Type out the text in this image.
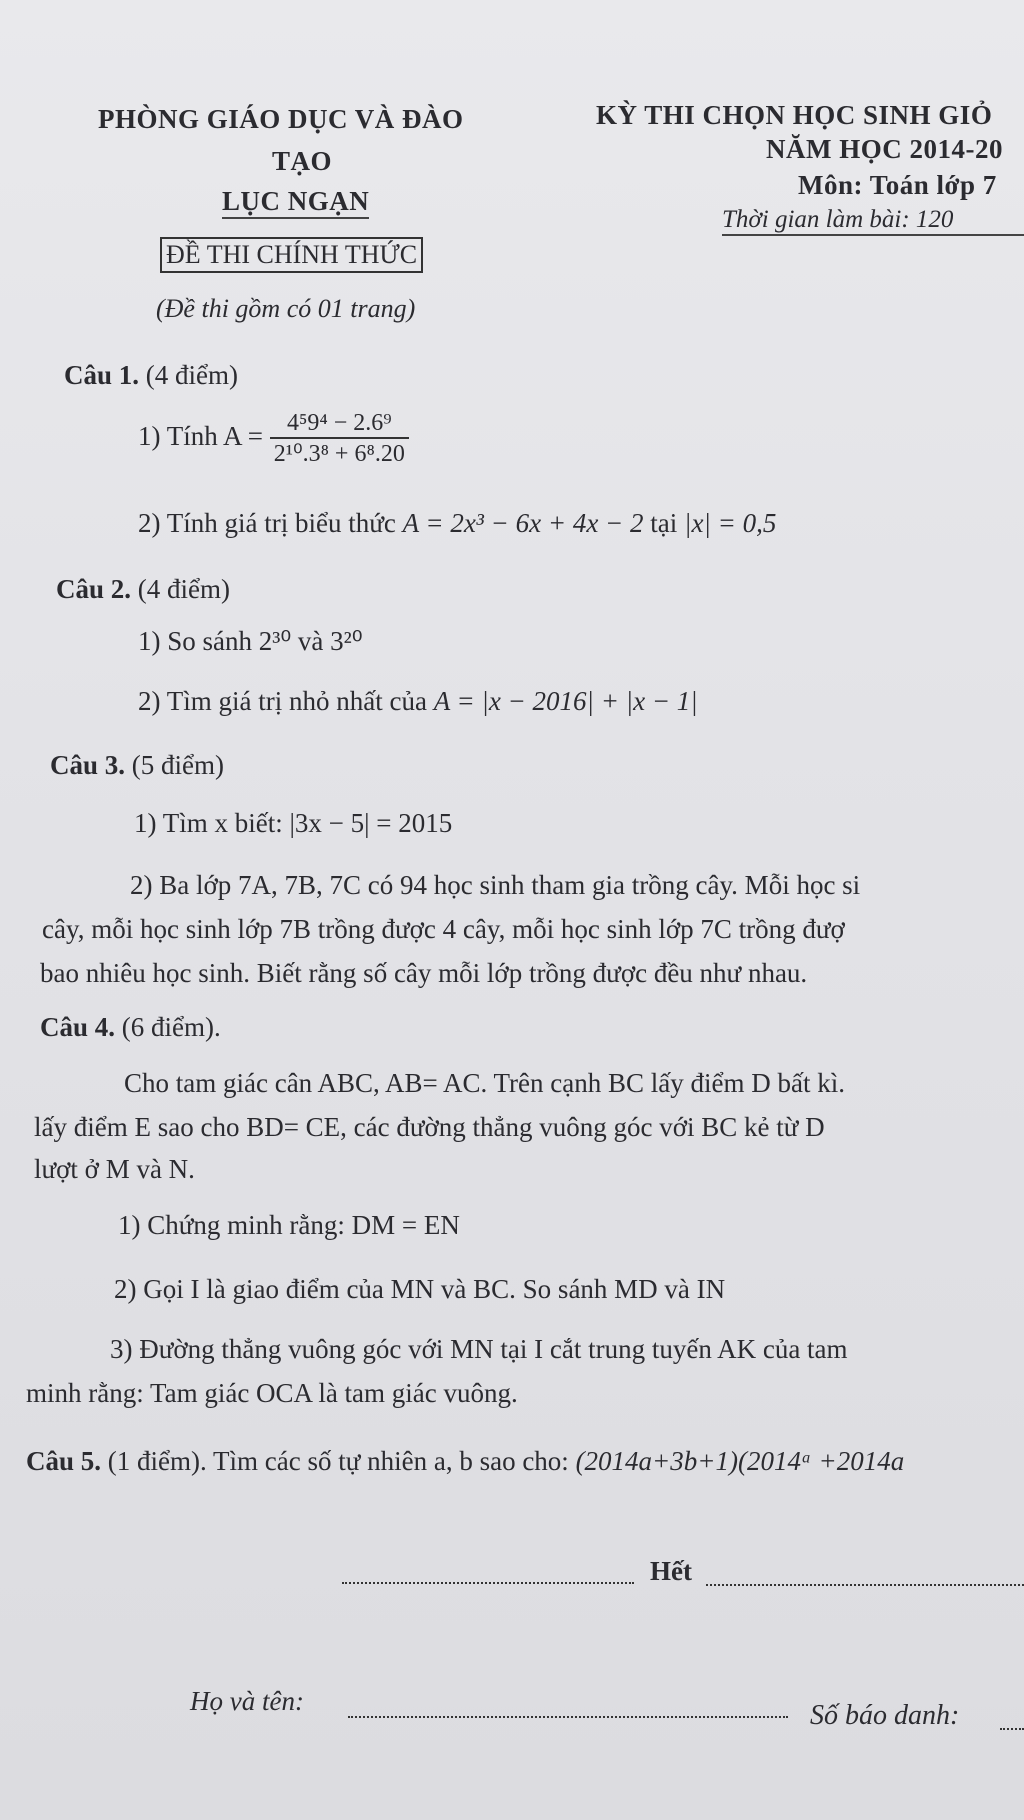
PHÒNG GIÁO DỤC VÀ ĐÀO
TẠO
LỤC NGẠN
ĐỀ THI CHÍNH THỨC
(Đề thi gồm có 01 trang)
KỲ THI CHỌN HỌC SINH GIỎ
NĂM HỌC 2014-20
Môn: Toán lớp 7
Thời gian làm bài: 120
Câu 1. (4 điểm)
1) Tính $A = \frac{\text{4⁵9⁴ − 2.6⁹}}{\text{2¹⁰.3⁸ + 6⁸.20}}$
2) Tính giá trị biểu thức A = 2x³ − 6x + 4x − 2 tại |x| = 0,5
Câu 2. (4 điểm)
1) So sánh 2³⁰ và 3²⁰
2) Tìm giá trị nhỏ nhất của A = |x − 2016| + |x − 1|
Câu 3. (5 điểm)
1) Tìm x biết: |3x − 5| = 2015
2) Ba lớp 7A, 7B, 7C có 94 học sinh tham gia trồng cây. Mỗi học si
cây, mỗi học sinh lớp 7B trồng được 4 cây, mỗi học sinh lớp 7C trồng đượ
bao nhiêu học sinh. Biết rằng số cây mỗi lớp trồng được đều như nhau.
Câu 4. (6 điểm).
Cho tam giác cân ABC, AB= AC. Trên cạnh BC lấy điểm D bất kì.
lấy điểm E sao cho BD= CE, các đường thẳng vuông góc với BC kẻ từ D
lượt ở M và N.
1) Chứng minh rằng: DM = EN
2) Gọi I là giao điểm của MN và BC. So sánh MD và IN
3) Đường thẳng vuông góc với MN tại I cắt trung tuyến AK của tam
minh rằng: Tam giác OCA là tam giác vuông.
Câu 5. (1 điểm). Tìm các số tự nhiên a, b sao cho: (2014a+3b+1)(2014ᵃ +2014a
Hết
Họ và tên:	Số báo danh:
